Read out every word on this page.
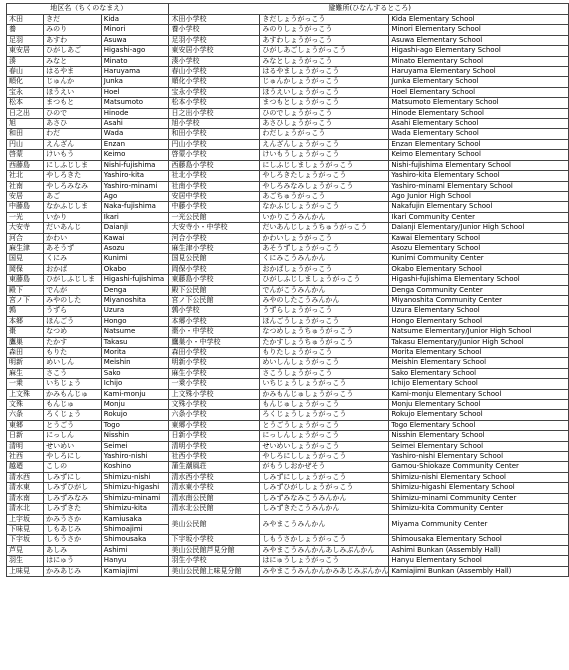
地区名（ちくのなまえ）			避難所(ひなんするところ)		
木田	きだ	Kida	木田小学校	きだしょうがっこう	Kida Elementary School
養	みのり	Minori	養小学校	みのりしょうがっこう	Minori Elementary School
足羽	あすわ	Asuwa	足羽小学校	あすわしょうがっこう	Asuwa Elementary School
東安居	ひがしあご	Higashi-ago	東安居小学校	ひがしあごしょうがっこう	Higashi-ago Elementary School
湊	みなと	Minato	湊小学校	みなとしょうがっこう	Minato Elementary School
春山	はるやま	Haruyama	春山小学校	はるやましょうがっこう	Haruyama Elementary School
順化	じゅんか	Junka	順化小学校	じゅんかしょうがっこう	Junka Elementary School
宝永	ほうえい	Hoel	宝永小学校	ほうえいしょうがっこう	Hoel Elementary School
松本	まつもと	Matsumoto	松本小学校	まつもとしょうがっこう	Matsumoto Elementary School
日之出	ひので	Hinode	日之出小学校	ひのでしょうがっこう	Hinode Elementary School
旭	あさひ	Asahi	旭小学校	あさひしょうがっこう	Asahi Elementary School
和田	わだ	Wada	和田小学校	わだしょうがっこう	Wada Elementary School
円山	えんざん	Enzan	円山小学校	えんざんしょうがっこう	Enzan Elementary School
啓蒙	けいもう	Keimo	啓蒙小学校	けいもうしょうがっこう	Keimo Elementary School
西藤島	にしふじしま	Nishi-fujishima	西藤島小学校	にしふじしましょうがっこう	Nishi-fujishima Elementary School
社北	やしろきた	Yashiro-kita	社北小学校	やしろきたしょうがっこう	Yashiro-kita Elementary School
社南	やしろみなみ	Yashiro-minami	社南小学校	やしろみなみしょうがっこう	Yashiro-minami Elementary School
安居	あご	Ago	安居中学校	あごちゅうがっこう	Ago Junior High School
中藤島	なかふじしま	Naka-fujishima	中藤小学校	なかふじしょうがっこう	Nakafujin Elementary School
一光	いかり	Ikari	一光公民館	いかりこうみんかん	Ikari Community Center
大安寺	だいあんじ	Daianji	大安寺小・中学校	だいあんじしょうちゅうがっこう	Daianji Elementary/Junior High School
河合	かわい	Kawai	河合小学校	かわいしょうがっこう	Kawai Elementary School
麻生津	あそうず	Asozu	麻生津小学校	あそうずしょうがっこう	Asozu Elementary School
国見	くにみ	Kunimi	国見公民館	くにみこうみんかん	Kunimi Community Center
岡保	おかば	Okabo	岡保小学校	おかばしょうがっこう	Okabo Elementary School
東藤島	ひがしふじしま	Higashi-fujishima	東藤島小学校	ひがしふじしましょうがっこう	Higashi-fujishima Elementary School
殿下	でんが	Denga	殿下公民館	でんがこうみんかん	Denga Community Center
宮ノ下	みやのした	Miyanoshita	宮ノ下公民館	みやのしたこうみんかん	Miyanoshita Community Center
鶉	うずら	Uzura	鶉小学校	うずらしょうがっこう	Uzura Elementary School
本郷	ほんごう	Hongo	本郷小学校	ほんごうしょうがっこう	Hongo Elementary School
棗	なつめ	Natsume	棗小・中学校	なつめしょうちゅうがっこう	Natsume Elementary/Junior High School
鷹巣	たかす	Takasu	鷹巣小・中学校	たかすしょうちゅうがっこう	Takasu Elementary/Junior High School
森田	もりた	Morita	森田小学校	もりたしょうがっこう	Morita Elementary School
明新	めいしん	Meishin	明新小学校	めいしんしょうがっこう	Meishin Elementary School
麻生	さこう	Sako	麻生小学校	さこうしょうがっこう	Sako Elementary School
一乗	いちじょう	Ichijo	一乗小学校	いちじょうしょうがっこう	Ichijo Elementary School
上文殊	かみもんじゅ	Kami-monju	上文殊小学校	かみもんじゅしょうがっこう	Kami-monju Elementary School
文殊	もんじゅ	Monju	文殊小学校	もんじゅしょうがっこう	Monju Elementary School
六条	ろくじょう	Rokujo	六条小学校	ろくじょうしょうがっこう	Rokujo Elementary School
東郷	とうごう	Togo	東郷小学校	とうごうしょうがっこう	Togo Elementary School
日新	にっしん	Nisshin	日新小学校	にっしんしょうがっこう	Nisshin Elementary School
清明	せいめい	Seimei	清明小学校	せいめいしょうがっこう	Seimei Elementary School
社西	やしろにし	Yashiro-nishi	社西小学校	やしろにししょうがっこう	Yashiro-nishi Elementary School
越廼	こしの	Koshino	蒲生潮風荘	がもうしおかぜそう	Gamou-Shiokaze Community Center
清水西	しみずにし	Shimizu-nishi	清水西小学校	しみずにししょうがっこう	Shimizu-nishi Elementary School
清水東	しみずひがし	Shimizu-higashi	清水東小学校	しみずひがししょうがっこう	Shimizu-higashi Elementary School
清水南	しみずみなみ	Shimizu-minami	清水南公民館	しみずみなみこうみんかん	Shimizu-minami Community Center
清水北	しみずきた	Shimizu-kita	清水北公民館	しみずきたこうみんかん	Shimizu-kita Community Center
上宇坂	かみうさか	Kamiusaka	美山公民館	みやまこうみんかん	Miyama Community Center
下味見	しもあじみ	Shimoajimi			
下宇坂	しもうさか	Shimousaka	下宇坂小学校	しもうさかしょうがっこう	Shimousaka Elementary School
芦見	あしみ	Ashimi	美山公民館芦見分館	みやまこうみんかんあしみぶんかん	Ashimi Bunkan (Assembly Hall)
羽生	はにゅう	Hanyu	羽生小学校	はにゅうしょうがっこう	Hanyu Elementary School
上味見	かみあじみ	Kamiajimi	美山公民館上味見分館	みやまこうみんかんかみあじみぶんかん	Kamiajimi Bunkan (Assembly Hall)
